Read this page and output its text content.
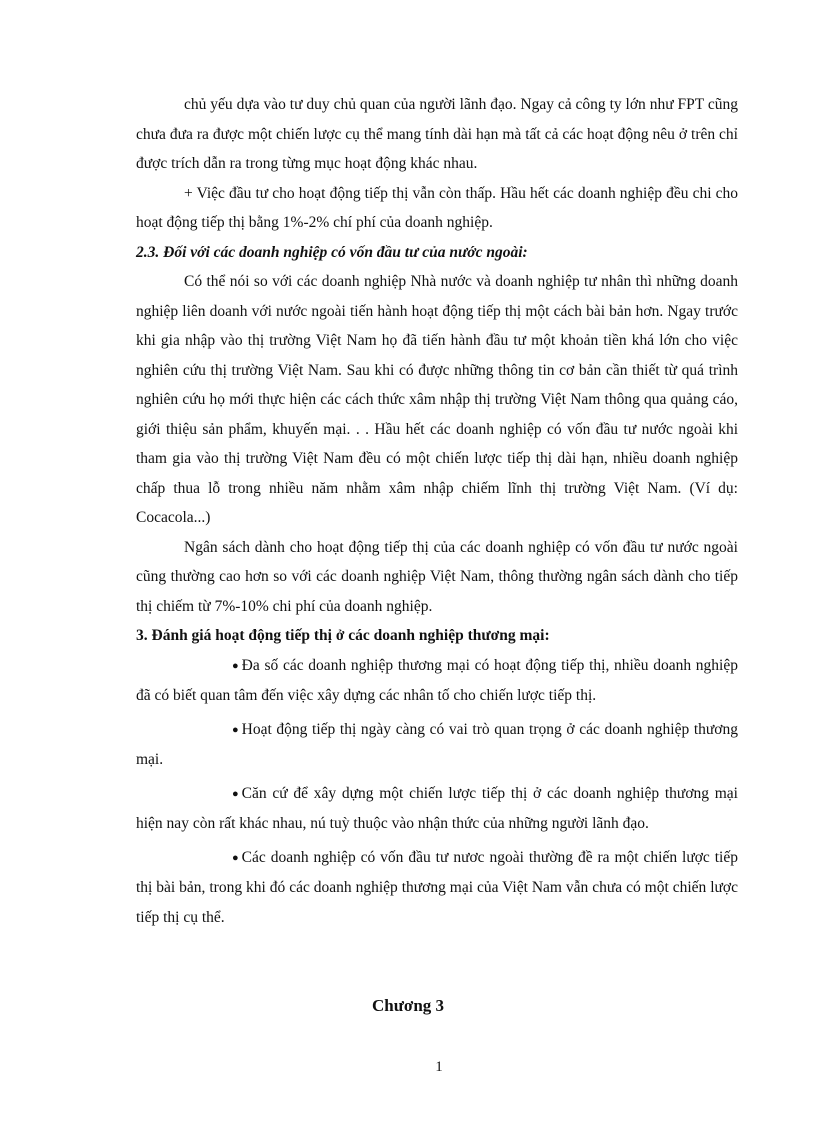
chủ yếu dựa vào tư duy chủ quan của người lãnh đạo. Ngay cả công ty lớn như FPT cũng chưa đưa ra được một chiến lược cụ thể mang tính dài hạn mà tất cả các hoạt động nêu ở trên chỉ được trích dẫn ra trong từng mục hoạt động khác nhau.

+ Việc đầu tư cho hoạt động tiếp thị vẫn còn thấp. Hầu hết các doanh nghiệp đều chi cho hoạt động tiếp thị bằng 1%-2% chí phí của doanh nghiệp.

2.3. Đối với các doanh nghiệp có vốn đầu tư của nước ngoài:

Có thể nói so với các doanh nghiệp Nhà nước và doanh nghiệp tư nhân thì những doanh nghiệp liên doanh với nước ngoài tiến hành hoạt động tiếp thị một cách bài bản hơn. Ngay trước khi gia nhập vào thị trường Việt Nam họ đã tiến hành đầu tư một khoản tiền khá lớn cho việc nghiên cứu thị trường Việt Nam. Sau khi có được những thông tin cơ bản cần thiết từ quá trình nghiên cứu họ mới thực hiện các cách thức xâm nhập thị trường Việt Nam thông qua quảng cáo, giới thiệu sản phẩm, khuyến mại. . . Hầu hết các doanh nghiệp có vốn đầu tư nước ngoài khi tham gia vào thị trường Việt Nam đều có một chiến lược tiếp thị dài hạn, nhiều doanh nghiệp chấp thua lỗ trong nhiều năm nhằm xâm nhập chiếm lĩnh thị trường Việt Nam. (Ví dụ: Cocacola...)

Ngân sách dành cho hoạt động tiếp thị của các doanh nghiệp có vốn đầu tư nước ngoài cũng thường cao hơn so với các doanh nghiệp Việt Nam, thông thường ngân sách dành cho tiếp thị chiếm từ 7%-10% chi phí của doanh nghiệp.

3. Đánh giá hoạt động tiếp thị ở các doanh nghiệp thương mại:

● Đa số các doanh nghiệp thương mại có hoạt động tiếp thị, nhiều doanh nghiệp đã có biết quan tâm đến việc xây dựng các nhân tố cho chiến lược tiếp thị.

● Hoạt động tiếp thị ngày càng có vai trò quan trọng ở các doanh nghiệp thương mại.

● Căn cứ để xây dựng một chiến lược tiếp thị ở các doanh nghiệp thương mại hiện nay còn rất khác nhau, nú tuỳ thuộc vào nhận thức của những người lãnh đạo.

● Các doanh nghiệp có vốn đầu tư nươc ngoài thường đề ra một chiến lược tiếp thị bài bản, trong khi đó các doanh nghiệp thương mại của Việt Nam vẫn chưa có một chiến lược tiếp thị cụ thể.

Chương 3
1
